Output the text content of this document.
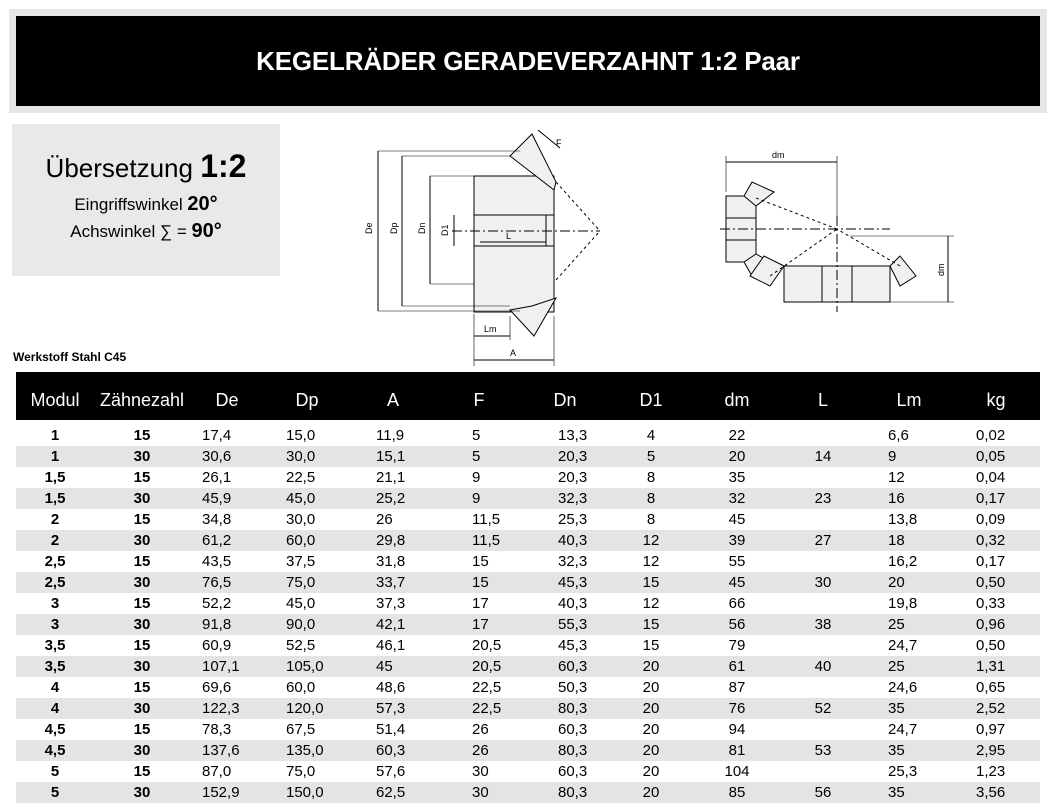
KEGELRÄDER GERADEVERZAHNT 1:2 Paar
Übersetzung 1:2
Eingriffswinkel 20°
Achswinkel ∑ = 90°	De Dp Dn D1	L
Lm
A
F
dm
dm
Werkstoff Stahl C45
Modul	Zähnezahl	De	Dp	A	F	Dn	D1	dm	L	Lm	kg
1	15	17,4	15,0	11,9	5	13,3	4	22		6,6	0,02
1	30	30,6	30,0	15,1	5	20,3	5	20	14	9	0,05
1,5	15	26,1	22,5	21,1	9	20,3	8	35		12	0,04
1,5	30	45,9	45,0	25,2	9	32,3	8	32	23	16	0,17
2	15	34,8	30,0	26	11,5	25,3	8	45		13,8	0,09
2	30	61,2	60,0	29,8	11,5	40,3	12	39	27	18	0,32
2,5	15	43,5	37,5	31,8	15	32,3	12	55		16,2	0,17
2,5	30	76,5	75,0	33,7	15	45,3	15	45	30	20	0,50
3	15	52,2	45,0	37,3	17	40,3	12	66		19,8	0,33
3	30	91,8	90,0	42,1	17	55,3	15	56	38	25	0,96
3,5	15	60,9	52,5	46,1	20,5	45,3	15	79		24,7	0,50
3,5	30	107,1	105,0	45	20,5	60,3	20	61	40	25	1,31
4	15	69,6	60,0	48,6	22,5	50,3	20	87		24,6	0,65
4	30	122,3	120,0	57,3	22,5	80,3	20	76	52	35	2,52
4,5	15	78,3	67,5	51,4	26	60,3	20	94		24,7	0,97
4,5	30	137,6	135,0	60,3	26	80,3	20	81	53	35	2,95
5	15	87,0	75,0	57,6	30	60,3	20	104		25,3	1,23
5	30	152,9	150,0	62,5	30	80,3	20	85	56	35	3,56
